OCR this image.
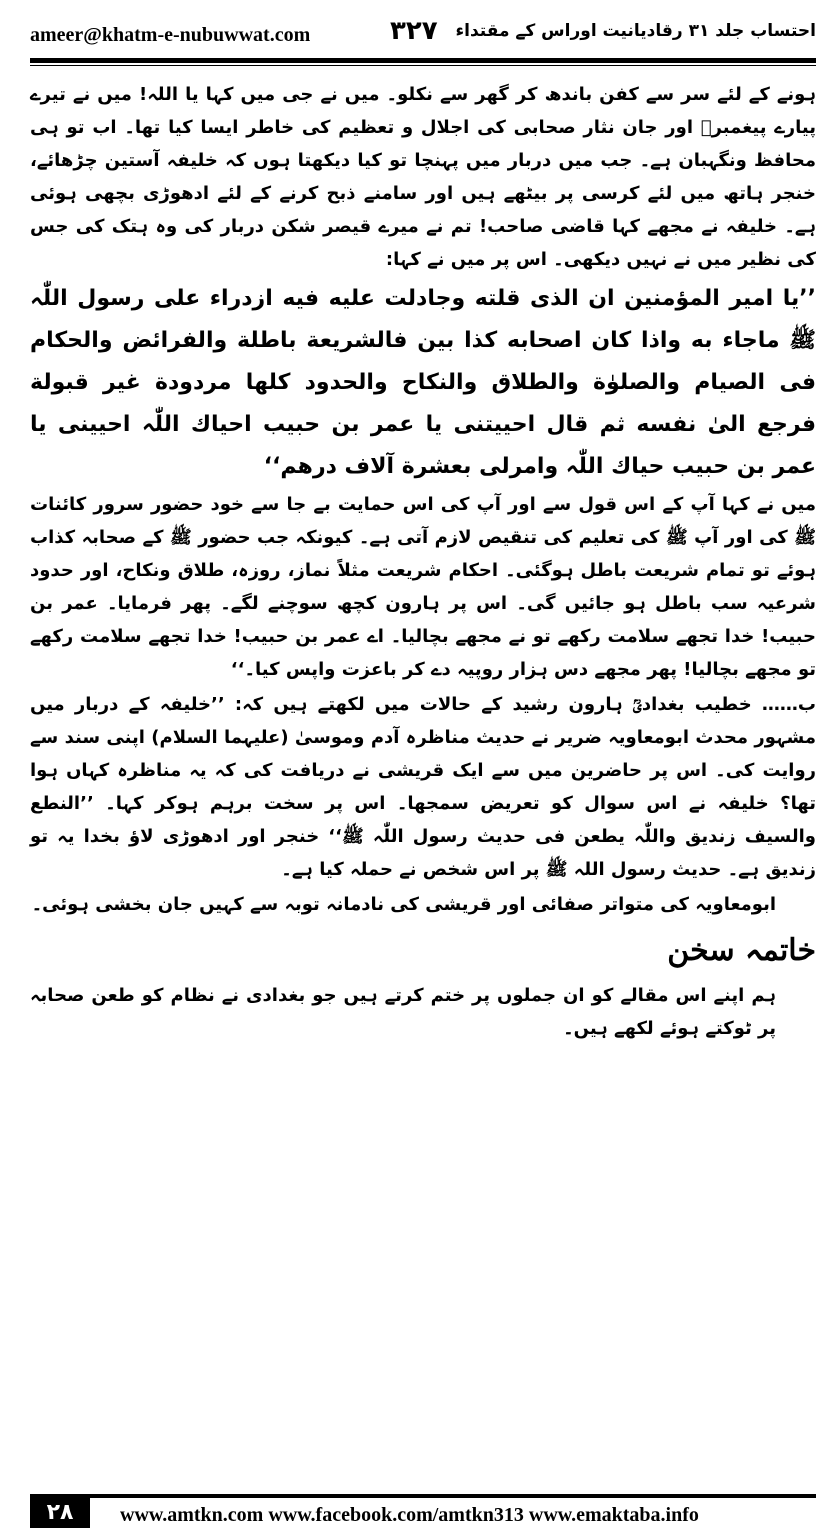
ameer@khatm-e-nubuwwat.com	۳۲۷ احتساب جلد ۳۱ رقادیانیت اوراس کے مقتداء

ہونے کے لئے سر سے کفن باندھ کر گھر سے نکلو۔ میں نے جی میں کہا یا اللہ! میں نے تیرے پیارے پیغمبرؐ اور جان نثار صحابی کی اجلال و تعظیم کی خاطر ایسا کیا تھا۔ اب تو ہی محافظ ونگہبان ہے۔ جب میں دربار میں پہنچا تو کیا دیکھتا ہوں کہ خلیفہ آستین چڑھائے، خنجر ہاتھ میں لئے کرسی پر بیٹھے ہیں اور سامنے ذبح کرنے کے لئے ادھوڑی بچھی ہوئی ہے۔ خلیفہ نے مجھے کہا قاضی صاحب! تم نے میرے قیصر شکن دربار کی وہ ہتک کی جس کی نظیر میں نے نہیں دیکھی۔ اس پر میں نے کہا:

’’یا امیر المؤمنین ان الذی قلته وجادلت علیه فیه ازدراء علی رسول اللّٰہ ﷺ ماجاء به واذا کان اصحابه کذا بین فالشریعة باطلة والفرائض والحکام فی الصیام والصلوٰة والطلاق والنکاح والحدود کلها مردودة غیر قبولة فرجع الیٰ نفسه ثم قال احییتنی یا عمر بن حبیب احیاك اللّٰہ احیینی یا عمر بن حبیب حیاك اللّٰہ وامرلی بعشرة آلاف درهم‘‘

میں نے کہا آپ کے اس قول سے اور آپ کی اس حمایت بے جا سے خود حضور سرور کائنات ﷺ کی اور آپ ﷺ کی تعلیم کی تنقیص لازم آتی ہے۔ کیونکہ جب حضور ﷺ کے صحابہ کذاب ہوئے تو تمام شریعت باطل ہوگئی۔ احکام شریعت مثلاً نماز، روزہ، طلاق ونکاح، اور حدود شرعیہ سب باطل ہو جائیں گی۔ اس پر ہارون کچھ سوچنے لگے۔ پھر فرمایا۔ عمر بن حبیب! خدا تجھے سلامت رکھے تو نے مجھے بچالیا۔ اے عمر بن حبیب! خدا تجھے سلامت رکھے تو مجھے بچالیا! پھر مجھے دس ہزار روپیہ دے کر باعزت واپس کیا۔‘‘

ب…… خطیب بغدادیؒ ہارون رشید کے حالات میں لکھتے ہیں کہ: ’’خلیفہ کے دربار میں مشہور محدث ابومعاویہ ضریر نے حدیث مناظرہ آدم وموسیٰ (علیہما السلام) اپنی سند سے روایت کی۔ اس پر حاضرین میں سے ایک قریشی نے دریافت کی کہ یہ مناظرہ کہاں ہوا تھا؟ خلیفہ نے اس سوال کو تعریض سمجھا۔ اس پر سخت برہم ہوکر کہا۔ ’’النطع والسیف زندیق واللّٰہ یطعن فی حدیث رسول اللّٰہ ﷺ‘‘ خنجر اور ادھوڑی لاؤ بخدا یہ تو زندیق ہے۔ حدیث رسول اللہ ﷺ پر اس شخص نے حملہ کیا ہے۔

ابومعاویہ کی متواتر صفائی اور قریشی کی نادمانہ توبہ سے کہیں جان بخشی ہوئی۔

خاتمہ سخن

ہم اپنے اس مقالے کو ان جملوں پر ختم کرتے ہیں جو بغدادی نے نظام کو طعن صحابہ پر ٹوکتے ہوئے لکھے ہیں۔

۲۸	www.amtkn.com www.facebook.com/amtkn313 www.emaktaba.info
